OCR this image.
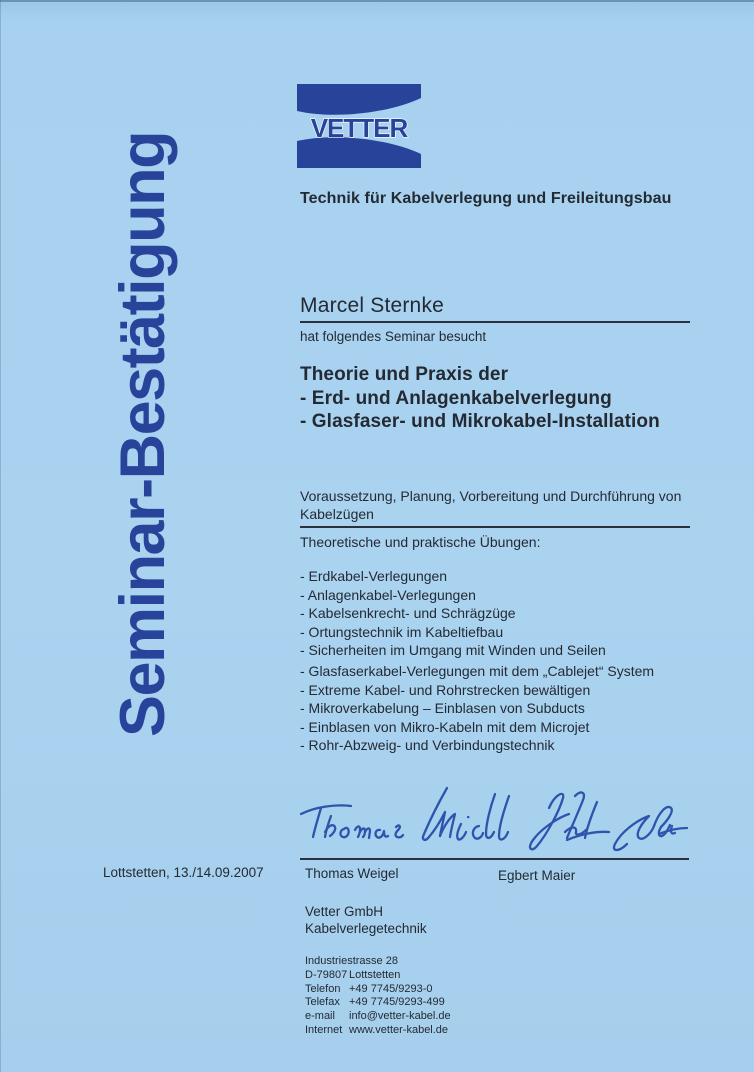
Seminar-Bestätigung
VETTER
Technik für Kabelverlegung und Freileitungsbau
Marcel Sternke
hat folgendes Seminar besucht
Theorie und Praxis der
- Erd- und Anlagenkabelverlegung
- Glasfaser- und Mikrokabel-Installation
Voraussetzung, Planung, Vorbereitung und Durchführung von
Kabelzügen
Theoretische und praktische Übungen:
- Erdkabel-Verlegungen
- Anlagenkabel-Verlegungen
- Kabelsenkrecht- und Schrägzüge
- Ortungstechnik im Kabeltiefbau
- Sicherheiten im Umgang mit Winden und Seilen
- Glasfaserkabel-Verlegungen mit dem „Cablejet“ System
- Extreme Kabel- und Rohrstrecken bewältigen
- Mikroverkabelung – Einblasen von Subducts
- Einblasen von Mikro-Kabeln mit dem Microjet
- Rohr-Abzweig- und Verbindungstechnik
Thomas Weigel	Egbert Maier
Lottstetten, 13./14.09.2007
Vetter GmbH
Kabelverlegetechnik
Industriestrasse 28
D-79807 Lottstetten
Telefon +49 7745/9293-0
Telefax +49 7745/9293-499
e-mail info@vetter-kabel.de
Internet www.vetter-kabel.de
